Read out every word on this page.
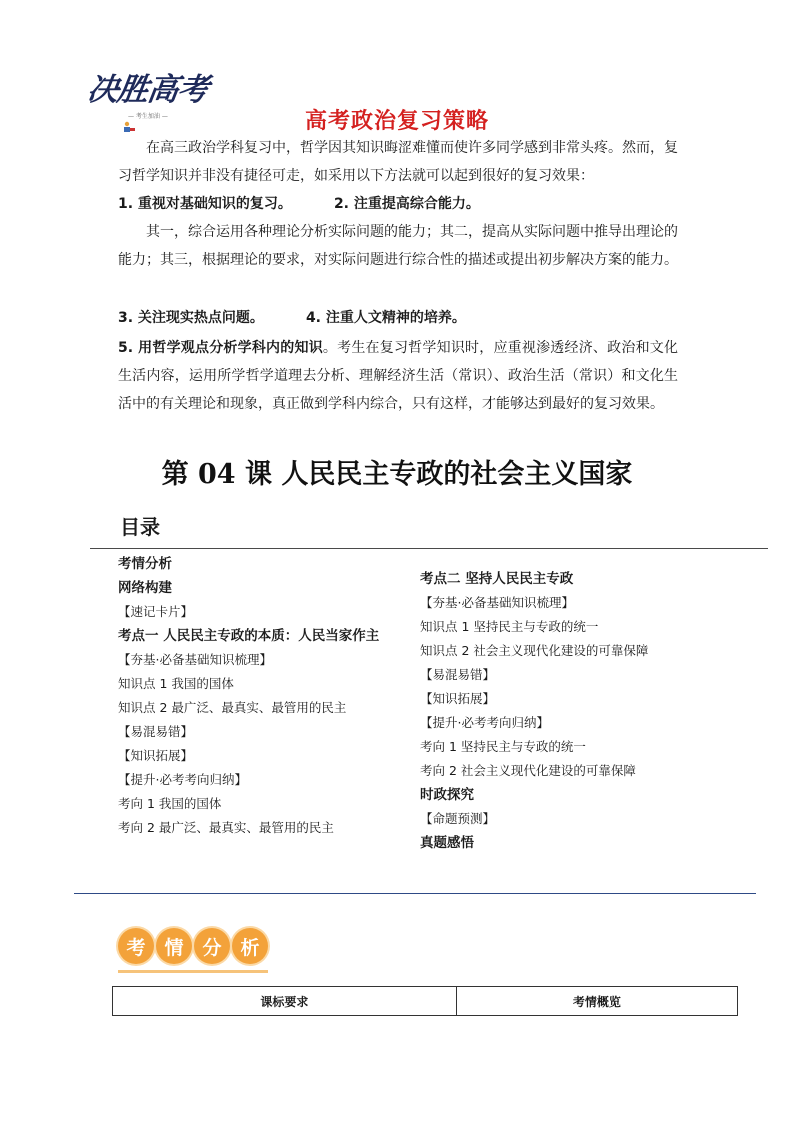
决胜高考
— 考生加油 —	高考政治复习策略

在高三政治学科复习中，哲学因其知识晦涩难懂而使许多同学感到非常头疼。然而，复习哲学知识并非没有捷径可走，如采用以下方法就可以起到很好的复习效果：

1. 重视对基础知识的复习。	2. 注重提高综合能力。

其一，综合运用各种理论分析实际问题的能力；其二，提高从实际问题中推导出理论的能力；其三，根据理论的要求，对实际问题进行综合性的描述或提出初步解决方案的能力。

3. 关注现实热点问题。	4. 注重人文精神的培养。

5. 用哲学观点分析学科内的知识。考生在复习哲学知识时，应重视渗透经济、政治和文化生活内容，运用所学哲学道理去分析、理解经济生活（常识）、政治生活（常识）和文化生活中的有关理论和现象，真正做到学科内综合，只有这样，才能够达到最好的复习效果。

第 04 课 人民民主专政的社会主义国家
目录
考情分析
网络构建
【速记卡片】
考点一 人民民主专政的本质：人民当家作主
【夯基·必备基础知识梳理】
知识点 1 我国的国体
知识点 2 最广泛、最真实、最管用的民主
【易混易错】
【知识拓展】
【提升·必考考向归纳】
考向 1 我国的国体
考向 2 最广泛、最真实、最管用的民主
考点二 坚持人民民主专政
【夯基·必备基础知识梳理】
知识点 1 坚持民主与专政的统一
知识点 2 社会主义现代化建设的可靠保障
【易混易错】
【知识拓展】
【提升·必考考向归纳】
考向 1 坚持民主与专政的统一
考向 2 社会主义现代化建设的可靠保障
时政探究
【命题预测】
真题感悟
考 情 分 析
课标要求	考情概览
